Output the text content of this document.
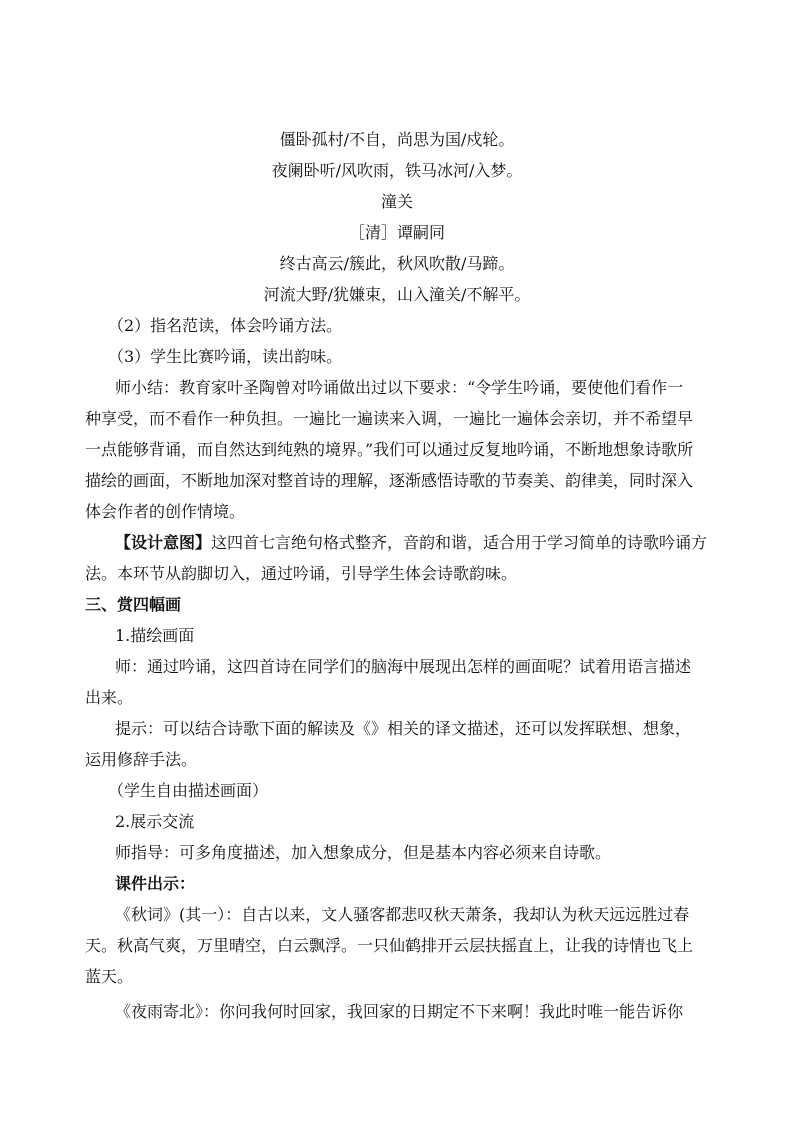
僵卧孤村/不自，尚思为国/戍轮。
夜阑卧听/风吹雨，铁马冰河/入梦。
潼关
［清］谭嗣同
终古高云/簇此，秋风吹散/马蹄。
河流大野/犹嫌束，山入潼关/不解平。
（2）指名范读，体会吟诵方法。
（3）学生比赛吟诵，读出韵味。
师小结：教育家叶圣陶曾对吟诵做出过以下要求：“令学生吟诵，要使他们看作一
种享受，而不看作一种负担。一遍比一遍读来入调，一遍比一遍体会亲切，并不希望早
一点能够背诵，而自然达到纯熟的境界。”我们可以通过反复地吟诵，不断地想象诗歌所
描绘的画面，不断地加深对整首诗的理解，逐渐感悟诗歌的节奏美、韵律美，同时深入
体会作者的创作情境。
【设计意图】这四首七言绝句格式整齐，音韵和谐，适合用于学习简单的诗歌吟诵方
法。本环节从韵脚切入，通过吟诵，引导学生体会诗歌韵味。
三、赏四幅画
1.描绘画面
师：通过吟诵，这四首诗在同学们的脑海中展现出怎样的画面呢？试着用语言描述
出来。
提示：可以结合诗歌下面的解读及《》相关的译文描述，还可以发挥联想、想象，
运用修辞手法。
（学生自由描述画面）
2.展示交流
师指导：可多角度描述，加入想象成分，但是基本内容必须来自诗歌。
课件出示：
《秋词》(其一）：自古以来，文人骚客都悲叹秋天萧条，我却认为秋天远远胜过春
天。秋高气爽，万里晴空，白云飘浮。一只仙鹤排开云层扶摇直上，让我的诗情也飞上
蓝天。
《夜雨寄北》：你问我何时回家，我回家的日期定不下来啊！我此时唯一能告诉你
